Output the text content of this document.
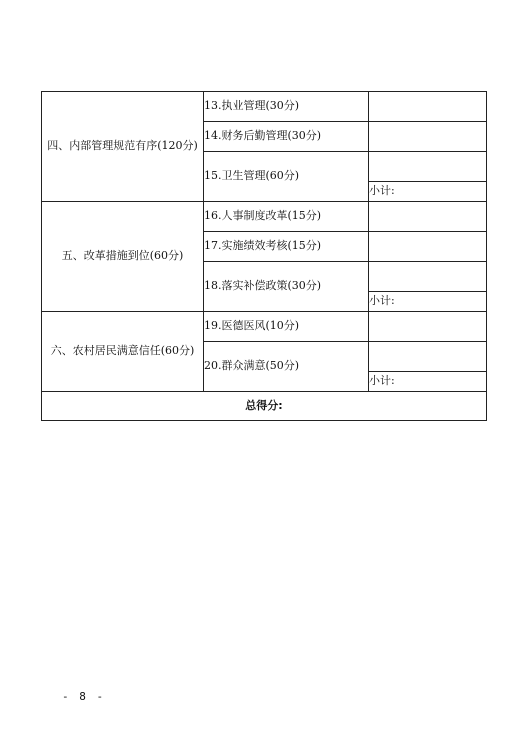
四、内部管理规范有序(120分)	13.执业管理(30分)	
	14.财务后勤管理(30分)	
	15.卫生管理(60分)	
		小计:
五、改革措施到位(60分)	16.人事制度改革(15分)	
	17.实施绩效考核(15分)	
	18.落实补偿政策(30分)	
		小计:
六、农村居民满意信任(60分)	19.医德医风(10分)	
	20.群众满意(50分)	
		小计:
总得分:		
- 8 -
